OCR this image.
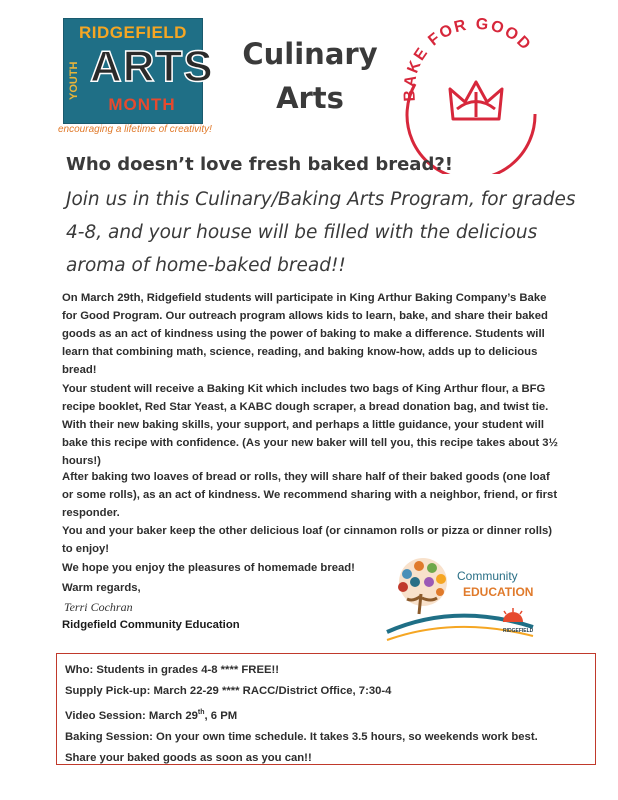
RIDGEFIELD
YOUTH ARTS
MONTH
encouraging a lifetime of creativity!
Culinary
Arts	BAKE FOR GOOD
Who doesn’t love fresh baked bread?!
Join us in this Culinary/Baking Arts Program, for grades 4-8, and your house will be filled with the delicious aroma of home-baked bread!!
On March 29th, Ridgefield students will participate in King Arthur Baking Company’s Bake for Good Program. Our outreach program allows kids to learn, bake, and share their baked goods as an act of kindness using the power of baking to make a difference. Students will learn that combining math, science, reading, and baking know-how, adds up to delicious bread!
Your student will receive a Baking Kit which includes two bags of King Arthur flour, a BFG recipe booklet, Red Star Yeast, a KABC dough scraper, a bread donation bag, and twist tie. With their new baking skills, your support, and perhaps a little guidance, your student will bake this recipe with confidence. (As your new baker will tell you, this recipe takes about 3½ hours!)
After baking two loaves of bread or rolls, they will share half of their baked goods (one loaf or some rolls), as an act of kindness. We recommend sharing with a neighbor, friend, or first responder.
You and your baker keep the other delicious loaf (or cinnamon rolls or pizza or dinner rolls) to enjoy!
We hope you enjoy the pleasures of homemade bread!
Warm regards,
Terri Cochran
Ridgefield Community Education
Community
EDUCATION
RIDGEFIELD
Who: Students in grades 4-8 **** FREE!!
Supply Pick-up: March 22-29 **** RACC/District Office, 7:30-4
Video Session: March 29th, 6 PM
Baking Session: On your own time schedule. It takes 3.5 hours, so weekends work best.
Share your baked goods as soon as you can!!
